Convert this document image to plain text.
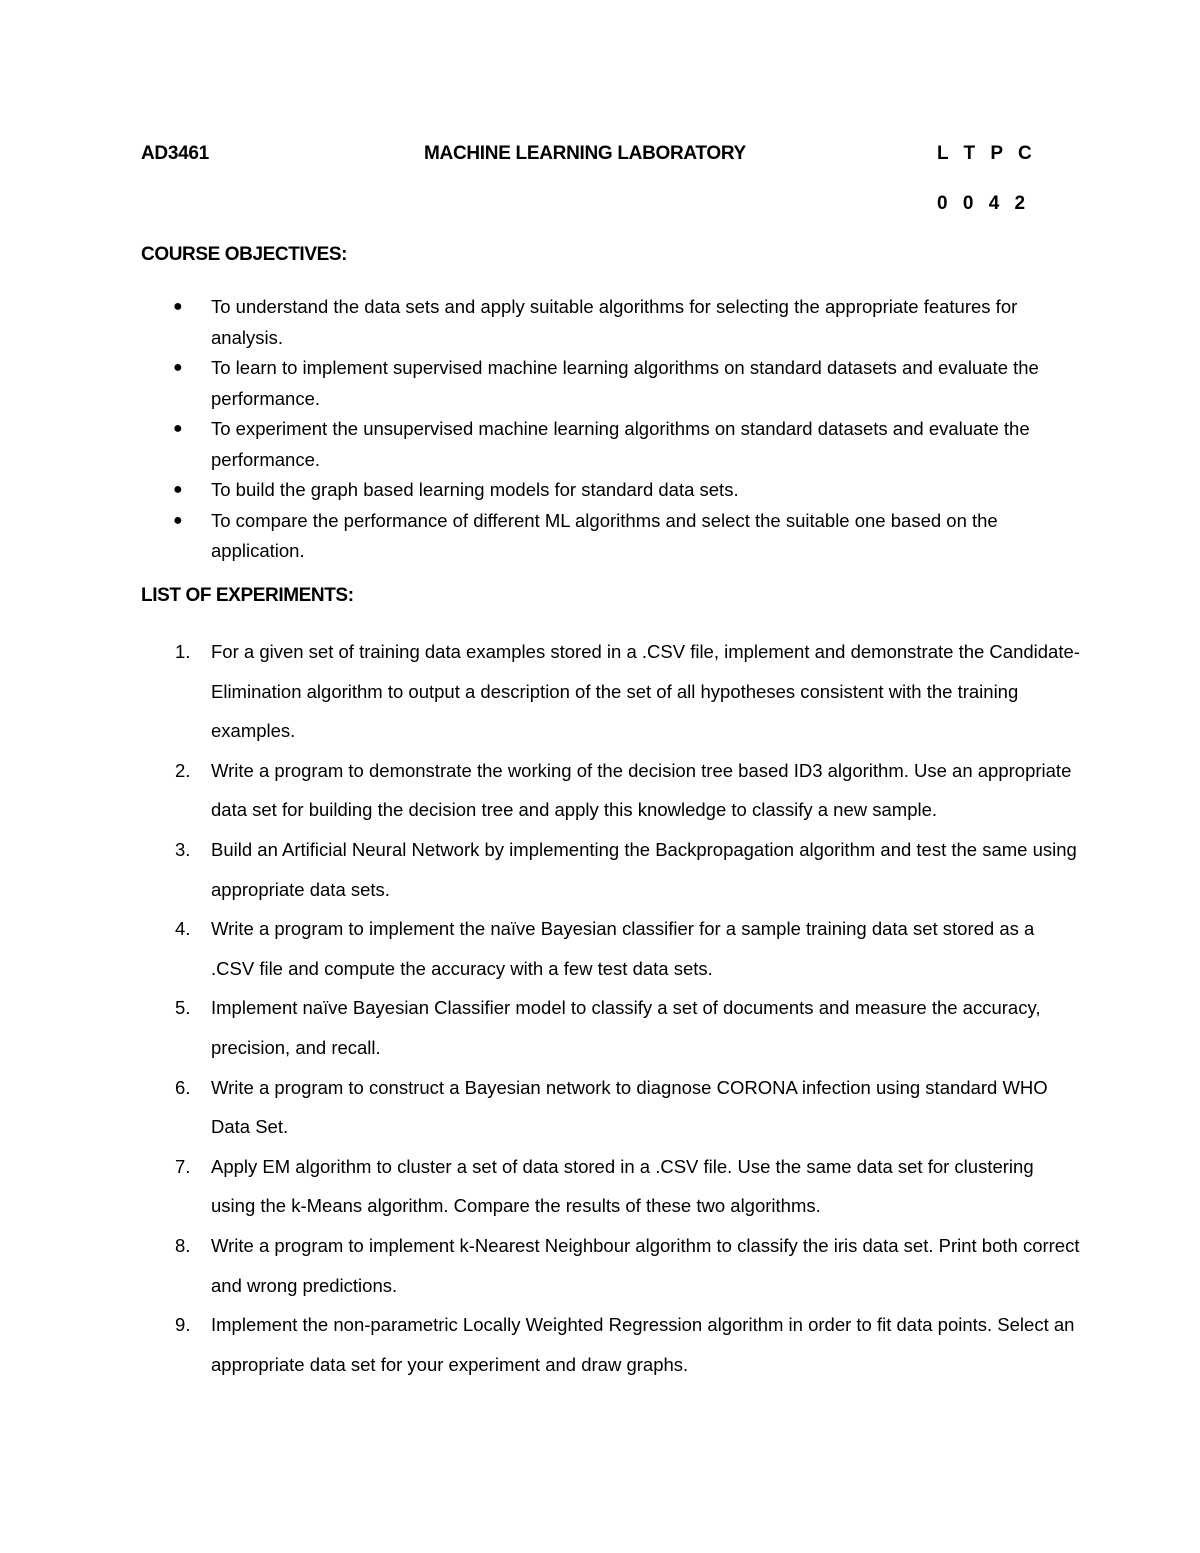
AD3461	MACHINE LEARNING LABORATORY	L T P C
0 0 4 2
COURSE OBJECTIVES:
● To understand the data sets and apply suitable algorithms for selecting the appropriate features for analysis.
● To learn to implement supervised machine learning algorithms on standard datasets and evaluate the performance.
● To experiment the unsupervised machine learning algorithms on standard datasets and evaluate the performance.
● To build the graph based learning models for standard data sets.
● To compare the performance of different ML algorithms and select the suitable one based on the application.
LIST OF EXPERIMENTS:
1. For a given set of training data examples stored in a .CSV file, implement and demonstrate the Candidate-Elimination algorithm to output a description of the set of all hypotheses consistent with the training examples.
2. Write a program to demonstrate the working of the decision tree based ID3 algorithm. Use an appropriate data set for building the decision tree and apply this knowledge to classify a new sample.
3. Build an Artificial Neural Network by implementing the Backpropagation algorithm and test the same using appropriate data sets.
4. Write a program to implement the naïve Bayesian classifier for a sample training data set stored as a .CSV file and compute the accuracy with a few test data sets.
5. Implement naïve Bayesian Classifier model to classify a set of documents and measure the accuracy, precision, and recall.
6. Write a program to construct a Bayesian network to diagnose CORONA infection using standard WHO Data Set.
7. Apply EM algorithm to cluster a set of data stored in a .CSV file. Use the same data set for clustering using the k-Means algorithm. Compare the results of these two algorithms.
8. Write a program to implement k-Nearest Neighbour algorithm to classify the iris data set. Print both correct and wrong predictions.
9. Implement the non-parametric Locally Weighted Regression algorithm in order to fit data points. Select an appropriate data set for your experiment and draw graphs.
